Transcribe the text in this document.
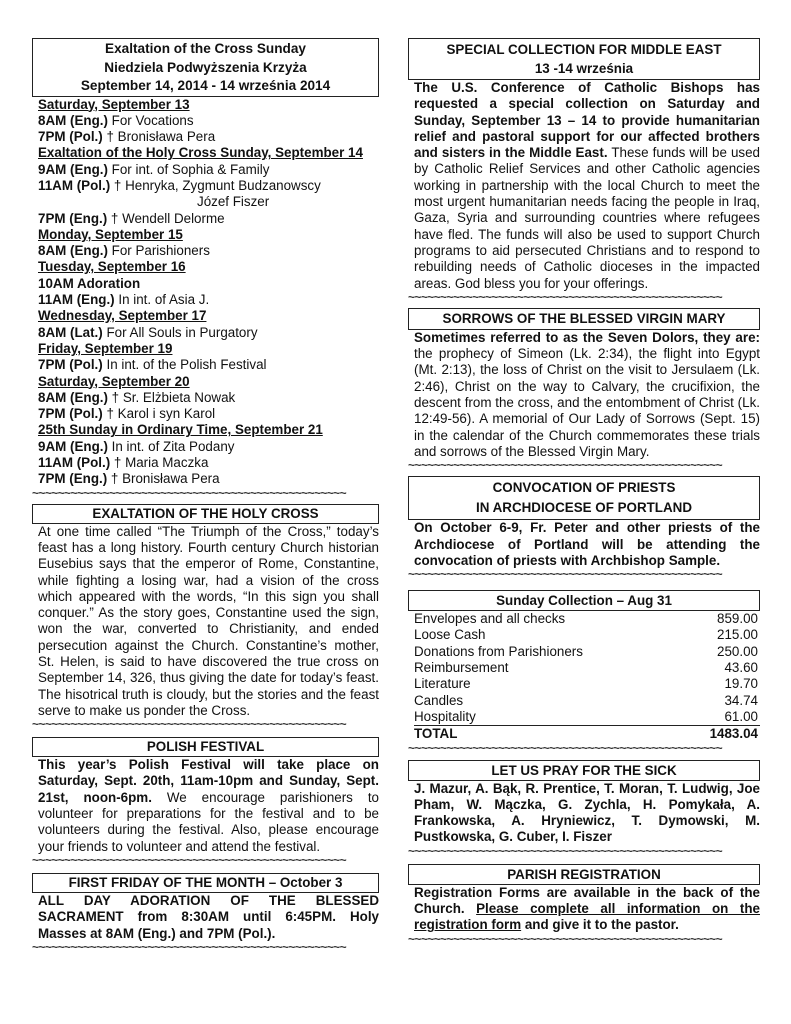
Exaltation of the Cross Sunday
Niedziela Podwyższenia Krzyża
September 14, 2014 - 14 września 2014
Saturday, September 13
8AM (Eng.) For Vocations
7PM (Pol.) † Bronisława Pera
Exaltation of the Holy Cross Sunday, September 14
9AM (Eng.) For int. of Sophia & Family
11AM (Pol.) † Henryka, Zygmunt Budzanowscy
Józef Fiszer
7PM (Eng.) † Wendell Delorme
Monday, September 15
8AM (Eng.) For Parishioners
Tuesday, September 16
10AM Adoration
11AM (Eng.) In int. of Asia J.
Wednesday, September 17
8AM (Lat.) For All Souls in Purgatory
Friday, September 19
7PM (Pol.) In int. of the Polish Festival
Saturday, September 20
8AM (Eng.) † Sr. Elżbieta Nowak
7PM (Pol.) † Karol i syn Karol
25th Sunday in Ordinary Time, September 21
9AM (Eng.) In int. of Zita Podany
11AM (Pol.) † Maria Maczka
7PM (Eng.) † Bronisława Pera
~~~~~~~~~~~~~~~~~~~~~~~~~~~~~~~~~~~~~~~~~~~~~~~~~
EXALTATION OF THE HOLY CROSS
At one time called “The Triumph of the Cross,” today’s feast has a long history. Fourth century Church historian Eusebius says that the emperor of Rome, Constantine, while fighting a losing war, had a vision of the cross which appeared with the words, “In this sign you shall conquer.” As the story goes, Constantine used the sign, won the war, converted to Christianity, and ended persecution against the Church. Constantine’s mother, St. Helen, is said to have discovered the true cross on September 14, 326, thus giving the date for today’s feast. The hisotrical truth is cloudy, but the stories and the feast serve to make us ponder the Cross.
~~~~~~~~~~~~~~~~~~~~~~~~~~~~~~~~~~~~~~~~~~~~~~~~~
POLISH FESTIVAL
This year’s Polish Festival will take place on Saturday, Sept. 20th, 11am-10pm and Sunday, Sept. 21st, noon-6pm. We encourage parishioners to volunteer for preparations for the festival and to be volunteers during the festival. Also, please encourage your friends to volunteer and attend the festival.
~~~~~~~~~~~~~~~~~~~~~~~~~~~~~~~~~~~~~~~~~~~~~~~~~
FIRST FRIDAY OF THE MONTH – October 3
ALL DAY ADORATION OF THE BLESSED SACRAMENT from 8:30AM until 6:45PM. Holy Masses at 8AM (Eng.) and 7PM (Pol.).
~~~~~~~~~~~~~~~~~~~~~~~~~~~~~~~~~~~~~~~~~~~~~~~~~
SPECIAL COLLECTION FOR MIDDLE EAST
13 -14 września
The U.S. Conference of Catholic Bishops has requested a special collection on Saturday and Sunday, September 13 – 14 to provide humanitarian relief and pastoral support for our affected brothers and sisters in the Middle East. These funds will be used by Catholic Relief Services and other Catholic agencies working in partnership with the local Church to meet the most urgent humanitarian needs facing the people in Iraq, Gaza, Syria and surrounding countries where refugees have fled. The funds will also be used to support Church programs to aid persecuted Christians and to respond to rebuilding needs of Catholic dioceses in the impacted areas. God bless you for your offerings.
~~~~~~~~~~~~~~~~~~~~~~~~~~~~~~~~~~~~~~~~~~~~~~~~~
SORROWS OF THE BLESSED VIRGIN MARY
Sometimes referred to as the Seven Dolors, they are: the prophecy of Simeon (Lk. 2:34), the flight into Egypt (Mt. 2:13), the loss of Christ on the visit to Jersulaem (Lk. 2:46), Christ on the way to Calvary, the crucifixion, the descent from the cross, and the entombment of Christ (Lk. 12:49-56). A memorial of Our Lady of Sorrows (Sept. 15) in the calendar of the Church commemorates these trials and sorrows of the Blessed Virgin Mary.
~~~~~~~~~~~~~~~~~~~~~~~~~~~~~~~~~~~~~~~~~~~~~~~~~
CONVOCATION OF PRIESTS
IN ARCHDIOCESE OF PORTLAND
On October 6-9, Fr. Peter and other priests of the Archdiocese of Portland will be attending the convocation of priests with Archbishop Sample.
~~~~~~~~~~~~~~~~~~~~~~~~~~~~~~~~~~~~~~~~~~~~~~~~~
Sunday Collection – Aug 31
Envelopes and all checks	859.00
Loose Cash	215.00
Donations from Parishioners	250.00
Reimbursement	43.60
Literature	19.70
Candles	34.74
Hospitality	61.00
TOTAL	1483.04
~~~~~~~~~~~~~~~~~~~~~~~~~~~~~~~~~~~~~~~~~~~~~~~~~
LET US PRAY FOR THE SICK
J. Mazur, A. Bąk, R. Prentice, T. Moran, T. Ludwig, Joe Pham, W. Mączka, G. Zychla, H. Pomykała, A. Frankowska, A. Hryniewicz, T. Dymowski, M. Pustkowska, G. Cuber, I. Fiszer
~~~~~~~~~~~~~~~~~~~~~~~~~~~~~~~~~~~~~~~~~~~~~~~~~
PARISH REGISTRATION
Registration Forms are available in the back of the Church. Please complete all information on the registration form and give it to the pastor.
~~~~~~~~~~~~~~~~~~~~~~~~~~~~~~~~~~~~~~~~~~~~~~~~~
